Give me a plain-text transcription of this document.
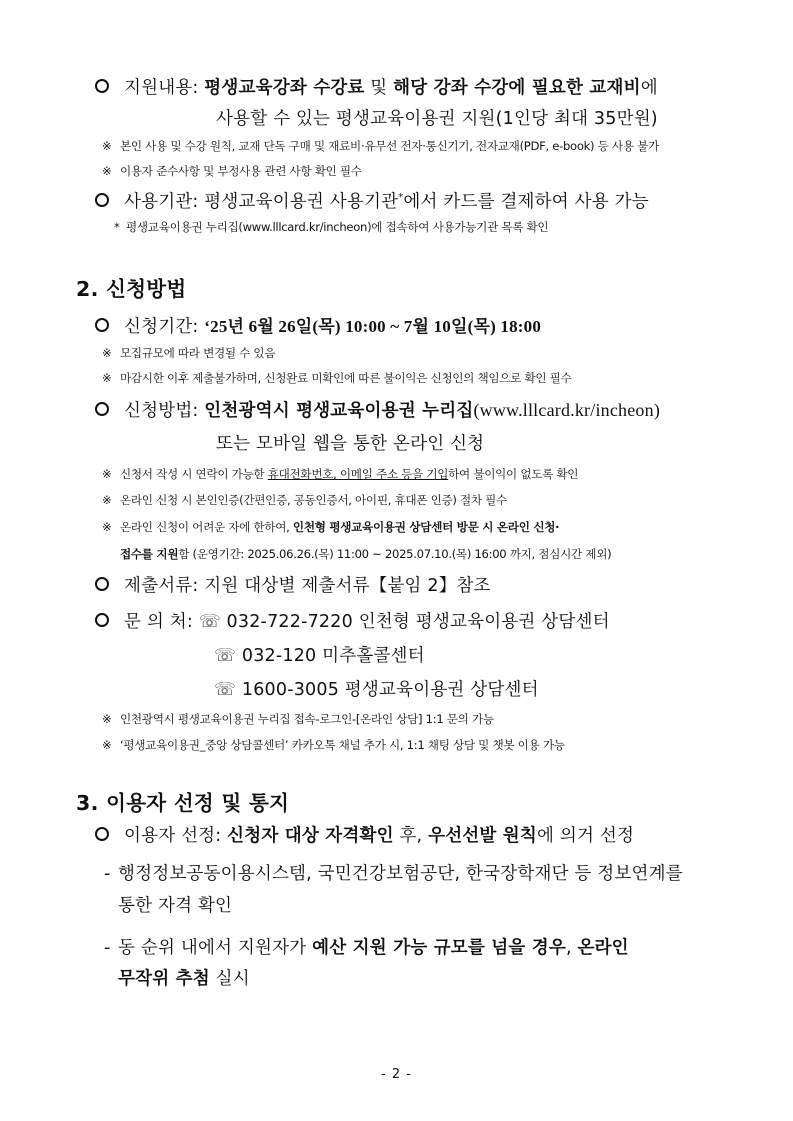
지원내용: 평생교육강좌 수강료 및 해당 강좌 수강에 필요한 교재비에
사용할 수 있는 평생교육이용권 지원(1인당 최대 35만원)
※ 본인 사용 및 수강 원칙, 교재 단독 구매 및 재료비·유무선 전자·통신기기, 전자교재(PDF, e-book) 등 사용 불가
※ 이용자 준수사항 및 부정사용 관련 사항 확인 필수
사용기관: 평생교육이용권 사용기관*에서 카드를 결제하여 사용 가능
* 평생교육이용권 누리집(www.lllcard.kr/incheon)에 접속하여 사용가능기관 목록 확인
2. 신청방법
신청기간: ‘25년 6월 26일(목) 10:00 ~ 7월 10일(목) 18:00
※ 모집규모에 따라 변경될 수 있음
※ 마감시한 이후 제출불가하며, 신청완료 미확인에 따른 불이익은 신청인의 책임으로 확인 필수
신청방법: 인천광역시 평생교육이용권 누리집(www.lllcard.kr/incheon)
또는 모바일 웹을 통한 온라인 신청
※ 신청서 작성 시 연락이 가능한 휴대전화번호, 이메일 주소 등을 기입하여 불이익이 없도록 확인
※ 온라인 신청 시 본인인증(간편인증, 공동인증서, 아이핀, 휴대폰 인증) 절차 필수
※ 온라인 신청이 어려운 자에 한하여, 인천형 평생교육이용권 상담센터 방문 시 온라인 신청·
접수를 지원함 (운영기간: 2025.06.26.(목) 11:00 ~ 2025.07.10.(목) 16:00 까지, 점심시간 제외)
제출서류: 지원 대상별 제출서류【붙임 2】참조
문 의 처: ☏ 032-722-7220 인천형 평생교육이용권 상담센터
☏ 032-120 미추홀콜센터
☏ 1600-3005 평생교육이용권 상담센터
※ 인천광역시 평생교육이용권 누리집 접속-로그인-[온라인 상담] 1:1 문의 가능
※ ‘평생교육이용권_중앙 상담콜센터’ 카카오톡 채널 추가 시, 1:1 채팅 상담 및 챗봇 이용 가능
3. 이용자 선정 및 통지
이용자 선정: 신청자 대상 자격확인 후, 우선선발 원칙에 의거 선정
- 행정정보공동이용시스템, 국민건강보험공단, 한국장학재단 등 정보연계를
통한 자격 확인
- 동 순위 내에서 지원자가 예산 지원 가능 규모를 넘을 경우, 온라인
무작위 추첨 실시
- 2 -
